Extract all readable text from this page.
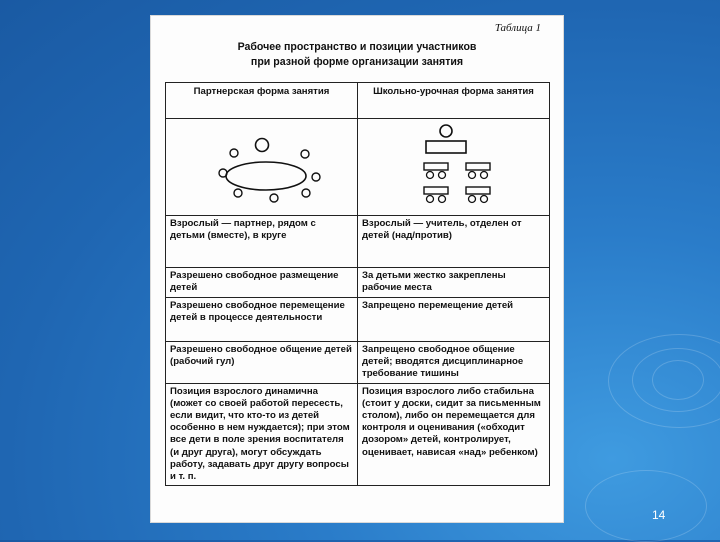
Таблица 1
Рабочее пространство и позиции участников
при разной форме организации занятия
Партнерская форма занятия	Школьно-урочная форма занятия

Взрослый — партнер, рядом с детьми (вместе), в круге	Взрослый — учитель, отделен от детей (над/против)
Разрешено свободное размещение детей	За детьми жестко закреплены рабочие места
Разрешено свободное перемещение детей в процессе деятельности	Запрещено перемещение детей
Разрешено свободное общение детей (рабочий гул)	Запрещено свободное общение детей; вводятся дисциплинарное требование тишины
Позиция взрослого динамична (может со своей работой пересесть, если видит, что кто-то из детей особенно в нем нуждается); при этом все дети в поле зрения воспитателя (и друг друга), могут обсуждать работу, задавать друг другу вопросы и т. п.	Позиция взрослого либо стабильна (стоит у доски, сидит за письменным столом), либо он перемещается для контроля и оценивания («обходит дозором» детей, контролирует, оценивает, нависая «над» ребенком)
14
